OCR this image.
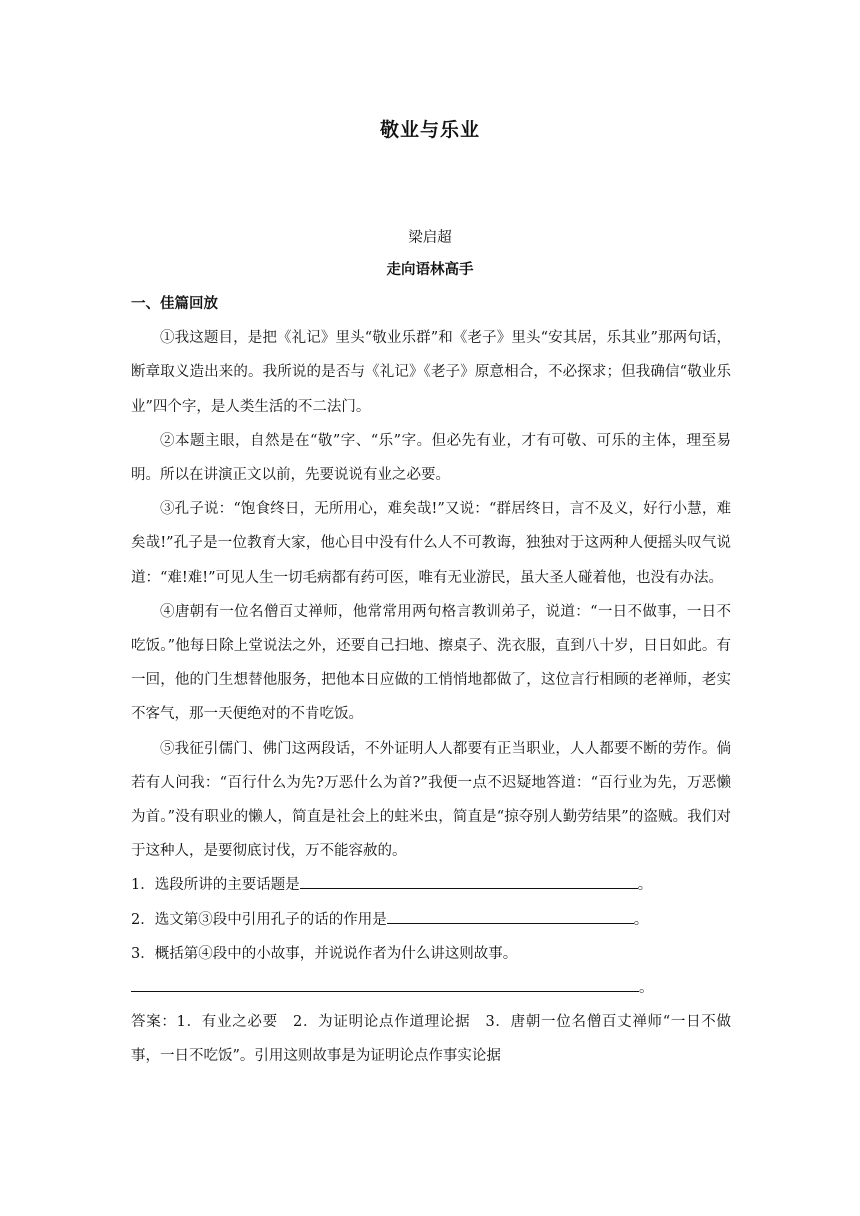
敬业与乐业
梁启超
走向语林高手

一、佳篇回放

①我这题目，是把《礼记》里头“敬业乐群”和《老子》里头“安其居，乐其业”那两句话，断章取义造出来的。我所说的是否与《礼记》《老子》原意相合，不必探求；但我确信“敬业乐业”四个字，是人类生活的不二法门。

②本题主眼，自然是在“敬”字、“乐”字。但必先有业，才有可敬、可乐的主体，理至易明。所以在讲演正文以前，先要说说有业之必要。

③孔子说：“饱食终日，无所用心，难矣哉!”又说：“群居终日，言不及义，好行小慧，难矣哉!”孔子是一位教育大家，他心目中没有什么人不可教诲，独独对于这两种人便摇头叹气说道：“难!难!”可见人生一切毛病都有药可医，唯有无业游民，虽大圣人碰着他，也没有办法。

④唐朝有一位名僧百丈禅师，他常常用两句格言教训弟子，说道：“一日不做事，一日不吃饭。”他每日除上堂说法之外，还要自己扫地、擦桌子、洗衣服，直到八十岁，日日如此。有一回，他的门生想替他服务，把他本日应做的工悄悄地都做了，这位言行相顾的老禅师，老实不客气，那一天便绝对的不肯吃饭。

⑤我征引儒门、佛门这两段话，不外证明人人都要有正当职业，人人都要不断的劳作。倘若有人问我：“百行什么为先?万恶什么为首?”我便一点不迟疑地答道：“百行业为先，万恶懒为首。”没有职业的懒人，简直是社会上的蛀米虫，简直是“掠夺别人勤劳结果”的盗贼。我们对于这种人，是要彻底讨伐，万不能容赦的。

1．选段所讲的主要话题是	。

2．选文第③段中引用孔子的话的作用是	。

3．概括第④段中的小故事，并说说作者为什么讲这则故事。

。

答案：1．有业之必要　2．为证明论点作道理论据　3．唐朝一位名僧百丈禅师“一日不做事，一日不吃饭”。引用这则故事是为证明论点作事实论据
